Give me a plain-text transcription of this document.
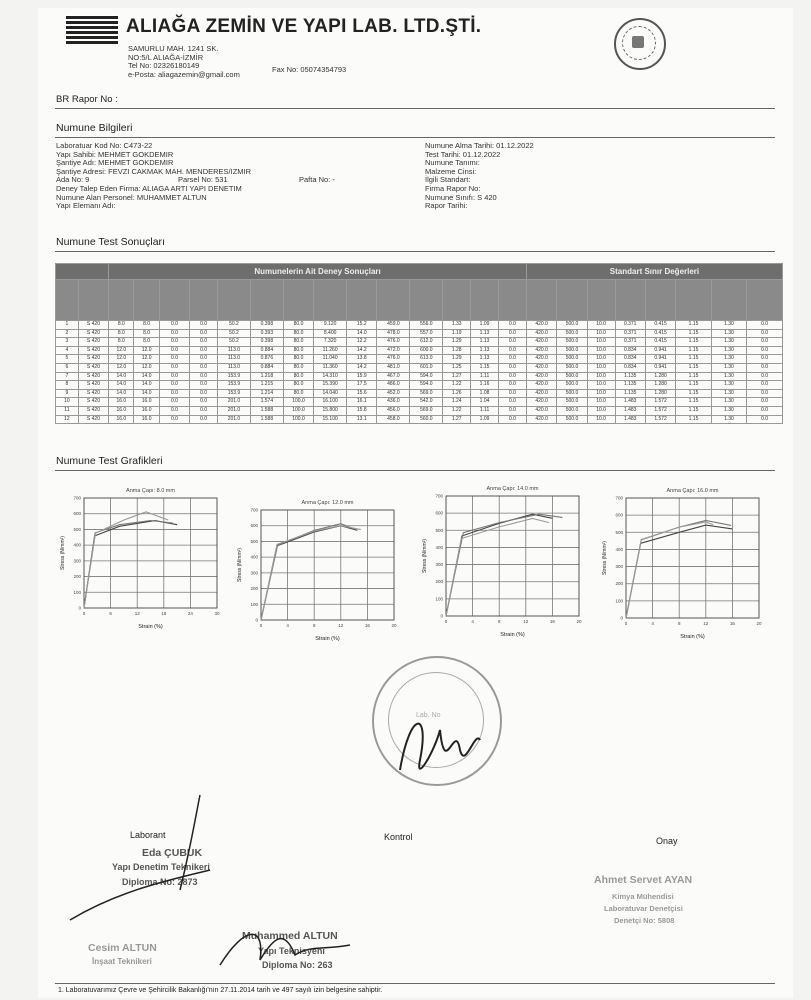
ALIAĞA ZEMİN VE YAPI LAB. LTD.ŞTİ.
SAMURLU MAH. 1241 SK.
NO:5/L ALIAĞA-İZMİR
Tel No: 02326180149
e-Posta: aliagazemin@gmail.com	Fax No: 05074354793
BR Rapor No :
Numune Bilgileri
Laboratuar Kod No: C473-22
Yapı Sahibi: MEHMET GOKDEMIR
Şantiye Adı: MEHMET GOKDEMIR
Şantiye Adresi: FEVZI CAKMAK MAH. MENDERES/IZMIR
Ada No: 9
Deney Talep Eden Firma: ALIAGA ARTI YAPI DENETIM
Numune Alan Personel: MUHAMMET ALTUN
Yapı Elemanı Adı:
Parsel No: 531	Pafta No: -
Numune Alma Tarihi: 01.12.2022
Test Tarihi: 01.12.2022
Numune Tanımı:
Malzeme Cinsi:
İlgili Standart:
Firma Rapor No:
Numune Sınıfı: S 420
Rapor Tarihi:
Numune Test Sonuçları
		Numunelerin Ait Deney Sonuçları														Standart Sınır Değerleri							

1	S 420	8.0	8.0	0.0	0.0	50.2	0.398	80.0	9.120	15.2	459.0	556.0	1.33	1.09	0.0	420.0	500.0	10.0	0.371	0.415	1.15	1.30	0.0
2	S 420	8.0	8.0	0.0	0.0	50.2	0.393	80.0	8.400	14.0	478.0	557.0	1.19	1.13	0.0	420.0	500.0	10.0	0.371	0.415	1.15	1.30	0.0
3	S 420	8.0	8.0	0.0	0.0	50.2	0.398	80.0	7.320	12.2	476.0	612.0	1.29	1.13	0.0	420.0	500.0	10.0	0.371	0.415	1.15	1.30	0.0
4	S 420	12.0	12.0	0.0	0.0	113.0	0.884	80.0	11.260	14.2	472.0	600.0	1.28	1.13	0.0	420.0	500.0	10.0	0.834	0.941	1.15	1.30	0.0
5	S 420	12.0	12.0	0.0	0.0	113.0	0.876	80.0	11.040	13.8	476.0	613.0	1.29	1.13	0.0	420.0	500.0	10.0	0.834	0.941	1.15	1.30	0.0
6	S 420	12.0	12.0	0.0	0.0	113.0	0.884	80.0	11.360	14.2	481.0	601.0	1.25	1.15	0.0	420.0	500.0	10.0	0.834	0.941	1.15	1.30	0.0
7	S 420	14.0	14.0	0.0	0.0	153.9	1.218	80.0	14.310	15.9	467.0	594.0	1.27	1.11	0.0	420.0	500.0	10.0	1.135	1.280	1.15	1.30	0.0
8	S 420	14.0	14.0	0.0	0.0	153.9	1.215	80.0	15.390	17.5	486.0	594.0	1.22	1.16	0.0	420.0	500.0	10.0	1.135	1.280	1.15	1.30	0.0
9	S 420	14.0	14.0	0.0	0.0	153.9	1.214	80.0	14.040	15.6	452.0	569.0	1.26	1.08	0.0	420.0	500.0	10.0	1.135	1.280	1.15	1.30	0.0
10	S 420	16.0	16.0	0.0	0.0	201.0	1.574	100.0	16.100	16.1	436.0	542.0	1.24	1.04	0.0	420.0	500.0	10.0	1.483	1.572	1.15	1.30	0.0
11	S 420	16.0	16.0	0.0	0.0	201.0	1.588	100.0	15.800	15.8	456.0	569.0	1.22	1.11	0.0	420.0	500.0	10.0	1.483	1.572	1.15	1.30	0.0
12	S 420	16.0	16.0	0.0	0.0	201.0	1.588	100.0	15.100	13.1	458.0	560.0	1.27	1.09	0.0	420.0	500.0	10.0	1.483	1.572	1.15	1.30	0.0
Numune Test Grafikleri
Anma Çapı: 8.0 mm
0	6	12	18	24	30
0
100
200
300
400
500
600
700
Strain (%)
Stress (N/mm²)
Anma Çapı: 12.0 mm
0	4	8	12	16	20
0
100
200
300
400
500
600
700
Strain (%)
Stress (N/mm²)
Anma Çapı: 14.0 mm
0	4	8	12	16	20
0
100
200
300
400
500
600
700
Strain (%)
Stress (N/mm²)
Anma Çapı: 16.0 mm
0	4	8	12	16	20
0
100
200
300
400
500
600
700
Strain (%)
Stress (N/mm²)
Lab. No
Laborant	Kontrol	Onay
Eda ÇUBUK
Yapı Denetim Teknikeri
Diploma No: 2873
Cesim ALTUN
İnşaat Teknikeri
Muhammed ALTUN
Yapı Teknisyeni
Diploma No: 263
Ahmet Servet AYAN
Kimya Mühendisi
Laboratuvar Denetçisi
Denetçi No: 5808
1. Laboratuvarımız Çevre ve Şehircilik Bakanlığı'nın 27.11.2014 tarih ve 497 sayılı izin belgesine sahiptir.
